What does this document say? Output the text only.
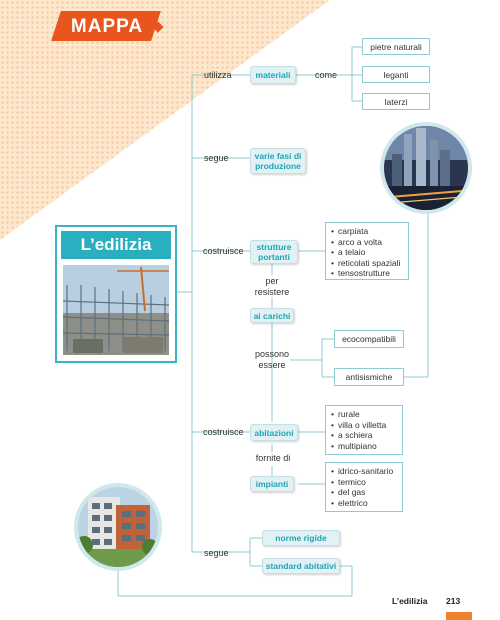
MAPPA
L’edilizia
utilizza	materiali	come
pietre naturali
leganti
laterzi
segue	varie fasi di produzione
costruisce	strutture portanti
• carpiata
• arco a volta
• a telaio
• reticolati spaziali
• tensostrutture
per resistere
ai carichi
possono essere
ecocompatibili
antisismiche
costruisce	abitazioni
• rurale
• villa o villetta
• a schiera
• multipiano
fornite di
impianti
• idrico-sanitario
• termico
• del gas
• elettrico
segue
norme rigide
standard abitativi
L’edilizia 213
